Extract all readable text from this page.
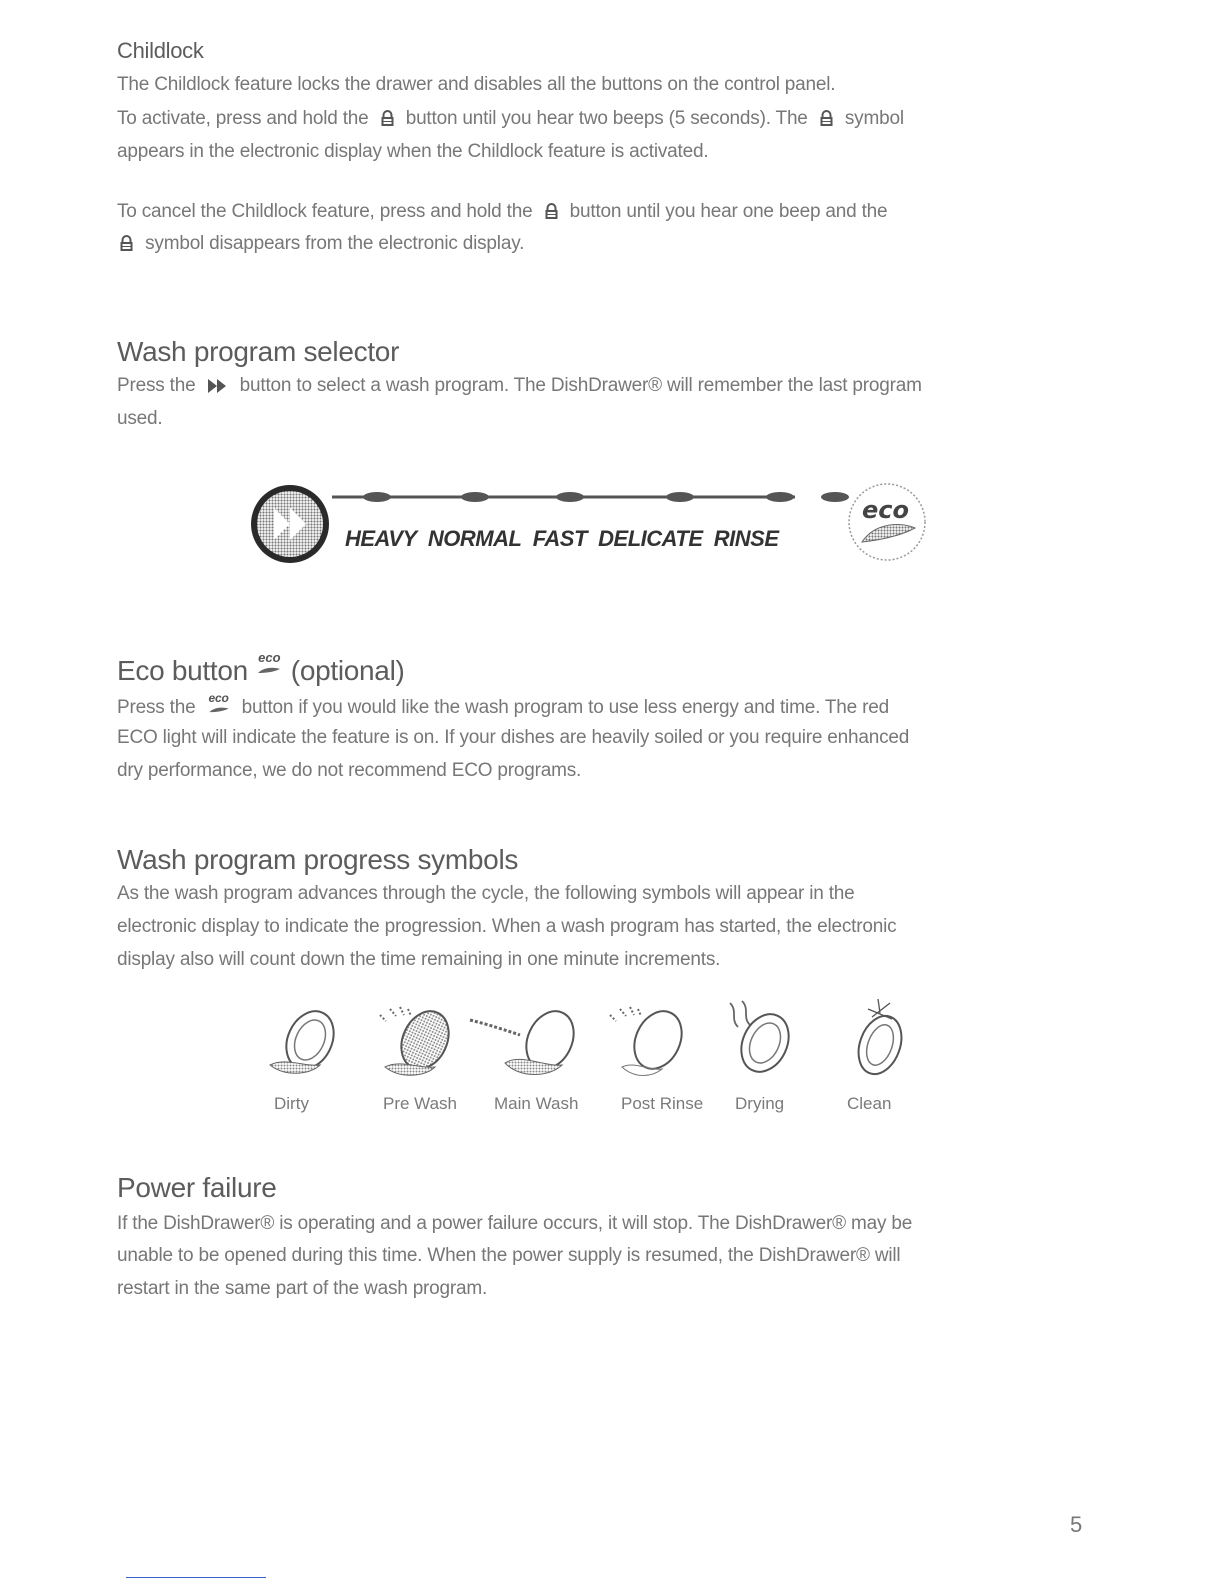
Childlock

The Childlock feature locks the drawer and disables all the buttons on the control panel.

To activate, press and hold the button until you hear two beeps (5 seconds). The symbol

appears in the electronic display when the Childlock feature is activated.

To cancel the Childlock feature, press and hold the button until you hear one beep and the

symbol disappears from the electronic display.

Wash program selector

Press the button to select a wash program. The DishDrawer® will remember the last program

used.

HEAVY NORMAL FAST DELICATE RINSE
eco
Eco button eco (optional)

Press the eco button if you would like the wash program to use less energy and time. The red

ECO light will indicate the feature is on. If your dishes are heavily soiled or you require enhanced

dry performance, we do not recommend ECO programs.

Wash program progress symbols

As the wash program advances through the cycle, the following symbols will appear in the

electronic display to indicate the progression. When a wash program has started, the electronic

display also will count down the time remaining in one minute increments.

Dirty	Pre Wash Main Wash	Post Rinse Drying	Clean
Power failure

If the DishDrawer® is operating and a power failure occurs, it will stop. The DishDrawer® may be

unable to be opened during this time. When the power supply is resumed, the DishDrawer® will

restart in the same part of the wash program.

5
